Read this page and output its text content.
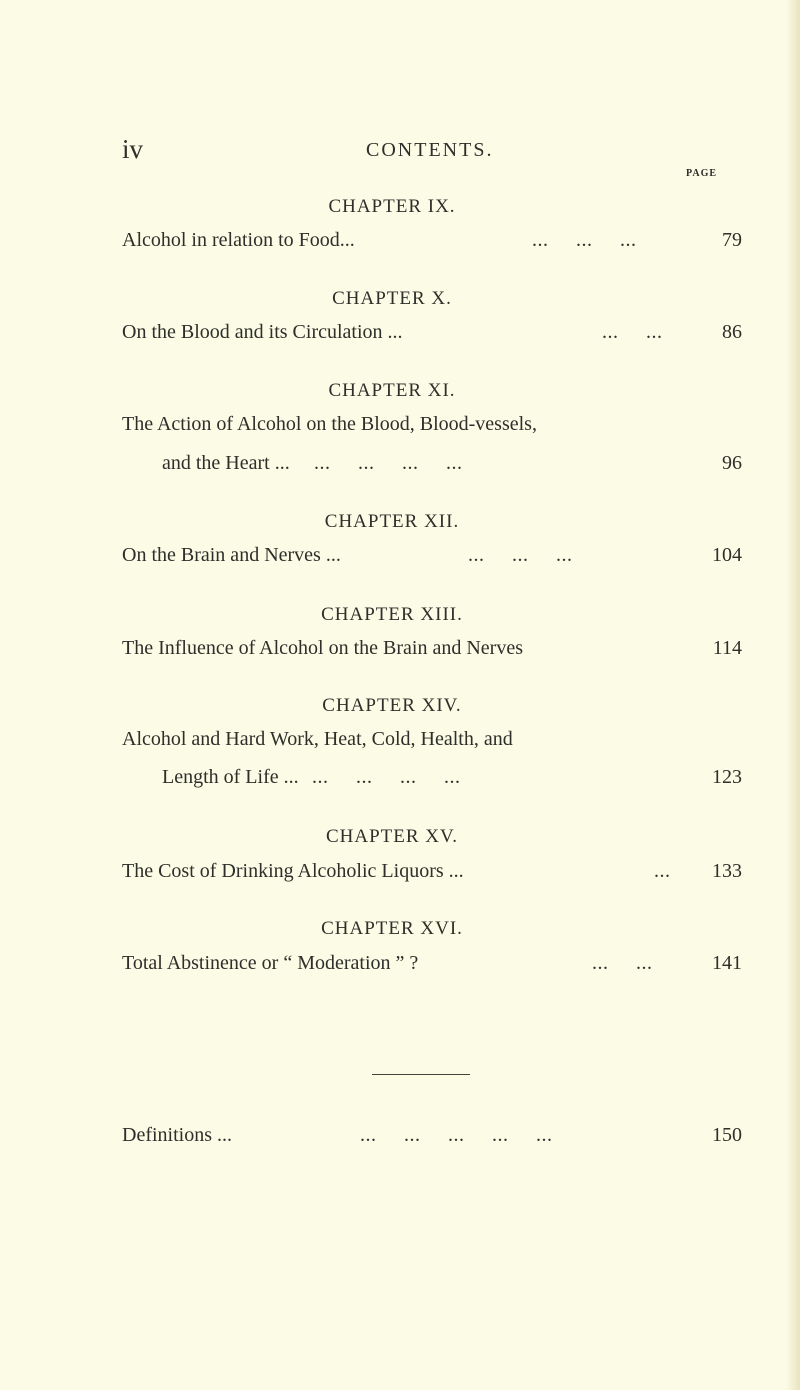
iv	CONTENTS.
PAGE
CHAPTER IX.
Alcohol in relation to Food...	...     ...     ...	79
CHAPTER X.
On the Blood and its Circulation ...	...     ...	86
CHAPTER XI.
The Action of Alcohol on the Blood, Blood-vessels,
and the Heart ... ...     ...     ...     ...	96
CHAPTER XII.
On the Brain and Nerves ...	...     ...     ...	104
CHAPTER XIII.
The Influence of Alcohol on the Brain and Nerves	114
CHAPTER XIV.
Alcohol and Hard Work, Heat, Cold, Health, and
Length of Life ... ...     ...     ...     ...	123
CHAPTER XV.
The Cost of Drinking Alcoholic Liquors ...	... 133
CHAPTER XVI.
Total Abstinence or “ Moderation ” ?	...     ...	141
Definitions ...	...     ...     ...     ...     ...	150
